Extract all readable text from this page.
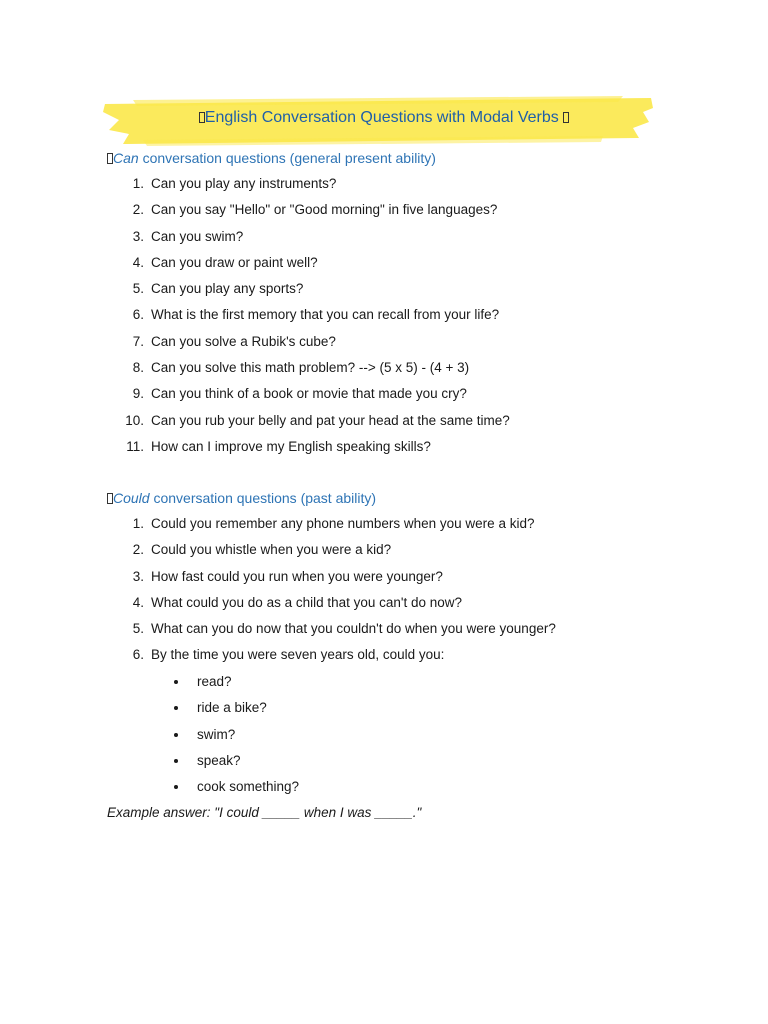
English Conversation Questions with Modal Verbs
Can conversation questions (general present ability)
1. Can you play any instruments?
2. Can you say "Hello" or "Good morning" in five languages?
3. Can you swim?
4. Can you draw or paint well?
5. Can you play any sports?
6. What is the first memory that you can recall from your life?
7. Can you solve a Rubik's cube?
8. Can you solve this math problem? --> (5 x 5) - (4 + 3)
9. Can you think of a book or movie that made you cry?
10. Can you rub your belly and pat your head at the same time?
11. How can I improve my English speaking skills?
Could conversation questions (past ability)
1. Could you remember any phone numbers when you were a kid?
2. Could you whistle when you were a kid?
3. How fast could you run when you were younger?
4. What could you do as a child that you can't do now?
5. What can you do now that you couldn't do when you were younger?
6. By the time you were seven years old, could you:
read?
ride a bike?
swim?
speak?
cook something?
Example answer: "I could _____ when I was _____."
